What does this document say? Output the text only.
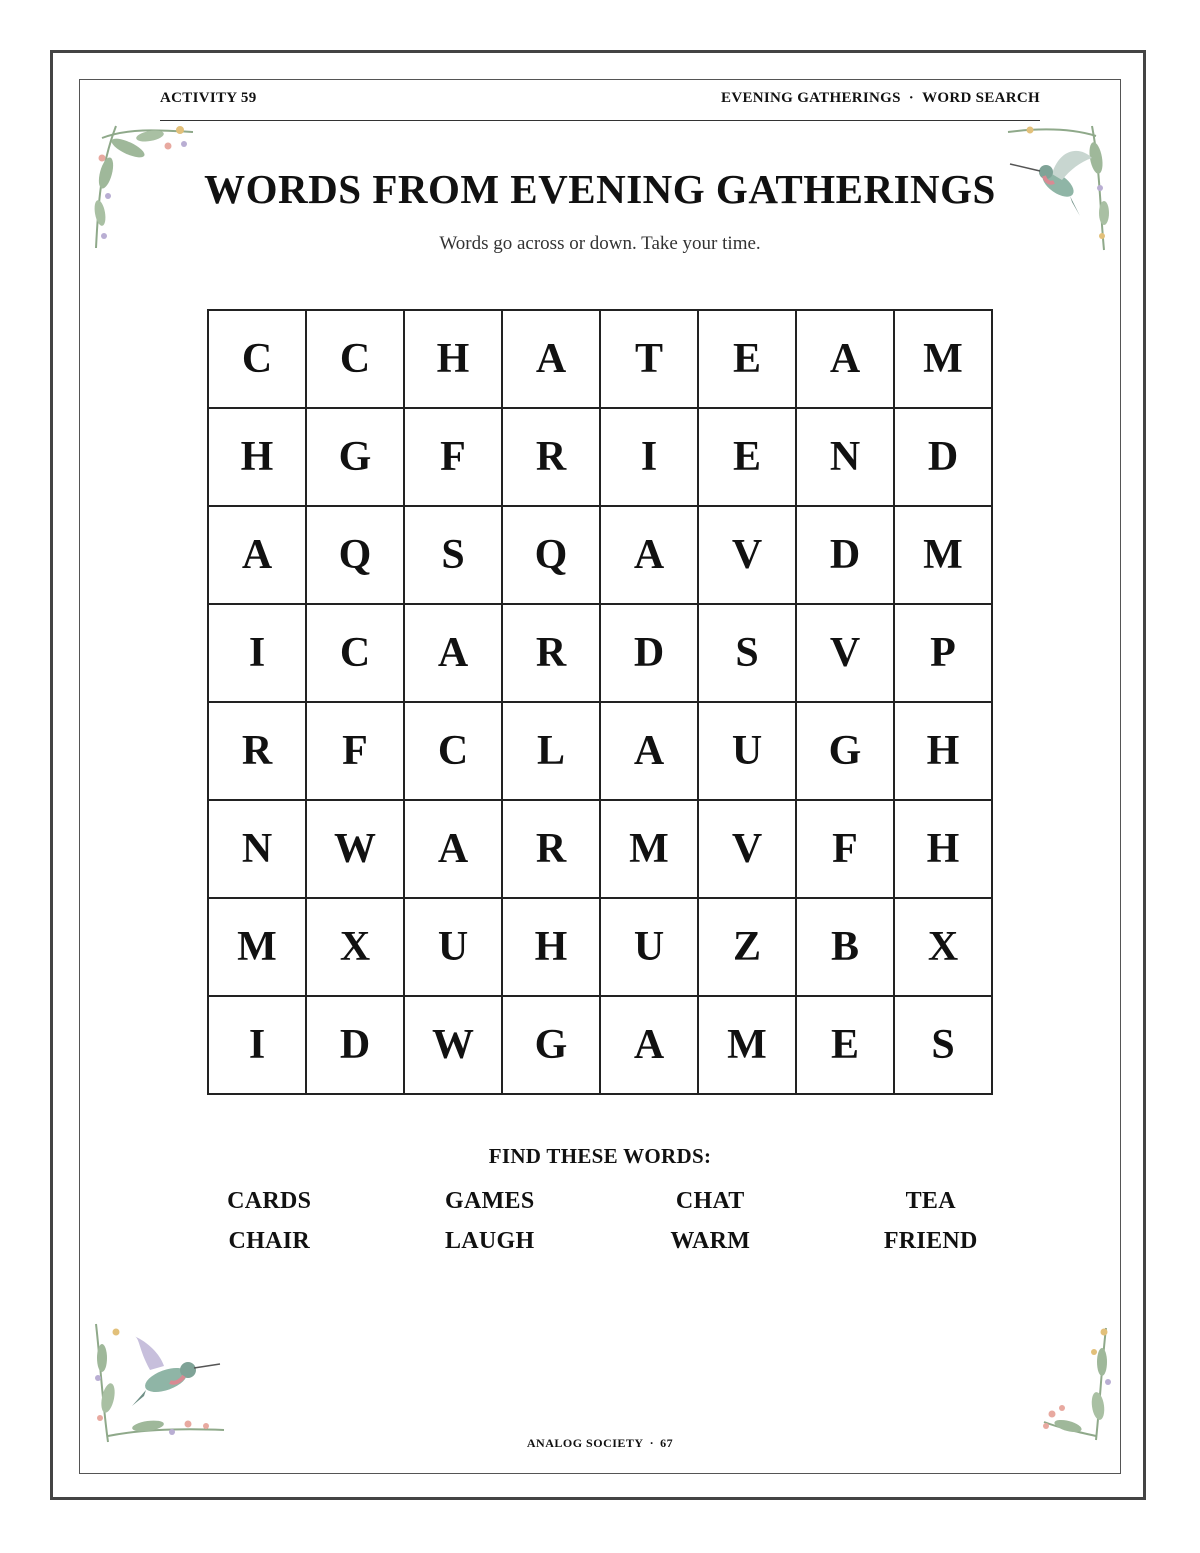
ACTIVITY 59	EVENING GATHERINGS · WORD SEARCH
WORDS FROM EVENING GATHERINGS
Words go across or down. Take your time.
C	C	H	A	T	E	A	M
H	G	F	R	I	E	N	D
A	Q	S	Q	A	V	D	M
I	C	A	R	D	S	V	P
R	F	C	L	A	U	G	H
N	W	A	R	M	V	F	H
M	X	U	H	U	Z	B	X
I	D	W	G	A	M	E	S
FIND THESE WORDS:
CARDS	GAMES	CHAT	TEA
CHAIR	LAUGH	WARM	FRIEND
ANALOG SOCIETY · 67
